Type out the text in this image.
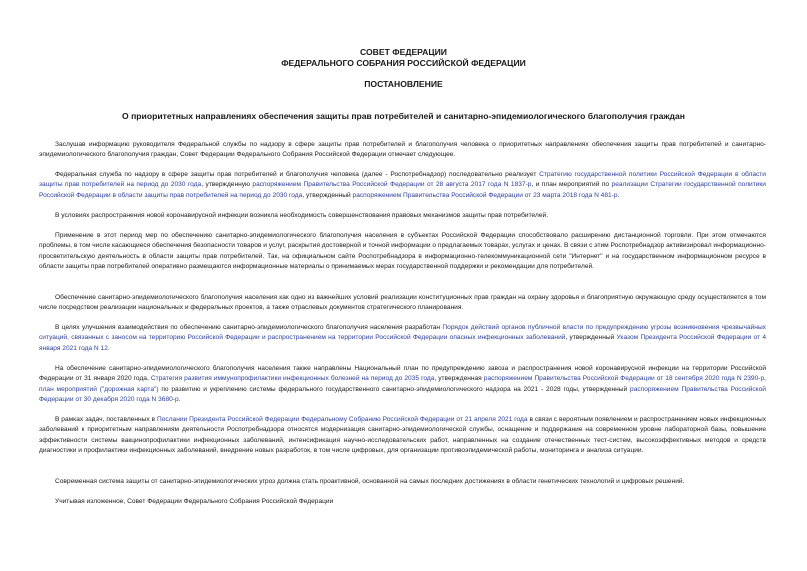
СОВЕТ ФЕДЕРАЦИИ
ФЕДЕРАЛЬНОГО СОБРАНИЯ РОССИЙСКОЙ ФЕДЕРАЦИИ
ПОСТАНОВЛЕНИЕ
О приоритетных направлениях обеспечения защиты прав потребителей и санитарно-эпидемиологического благополучия граждан

Заслушав информацию руководителя Федеральной службы по надзору в сфере защиты прав потребителей и благополучия человека о приоритетных направлениях обеспечения защиты прав потребителей и санитарно-эпидемиологического благополучия граждан, Совет Федерации Федерального Собрания Российской Федерации отмечает следующее.

Федеральная служба по надзору в сфере защиты прав потребителей и благополучия человека (далее - Роспотребнадзор) последовательно реализует Стратегию государственной политики Российской Федерации в области защиты прав потребителей на период до 2030 года, утвержденную распоряжением Правительства Российской Федерации от 28 августа 2017 года N 1837-р, и план мероприятий по реализации Стратегии государственной политики Российской Федерации в области защиты прав потребителей на период до 2030 года, утвержденный распоряжением Правительства Российской Федерации от 23 марта 2018 года N 481-р.

В условиях распространения новой коронавирусной инфекции возникла необходимость совершенствования правовых механизмов защиты прав потребителей.

Применение в этот период мер по обеспечению санитарно-эпидемиологического благополучия населения в субъектах Российской Федерации способствовало расширению дистанционной торговли. При этом отмечаются проблемы, в том числе касающиеся обеспечения безопасности товаров и услуг, раскрытия достоверной и точной информации о предлагаемых товарах, услугах и ценах. В связи с этим Роспотребнадзор активизировал информационно-просветительскую деятельность в области защиты прав потребителей. Так, на официальном сайте Роспотребнадзора в информационно-телекоммуникационной сети "Интернет" и на государственном информационном ресурсе в области защиты прав потребителей оперативно размещаются информационные материалы о принимаемых мерах государственной поддержки и рекомендации для потребителей.

Обеспечение санитарно-эпидемиологического благополучия населения как одно из важнейших условий реализации конституционных прав граждан на охрану здоровья и благоприятную окружающую среду осуществляется в том числе посредством реализации национальных и федеральных проектов, а также отраслевых документов стратегического планирования.

В целях улучшения взаимодействия по обеспечению санитарно-эпидемиологического благополучия населения разработан Порядок действий органов публичной власти по предупреждению угрозы возникновения чрезвычайных ситуаций, связанных с заносом на территорию Российской Федерации и распространением на территории Российской Федерации опасных инфекционных заболеваний, утвержденный Указом Президента Российской Федерации от 4 января 2021 года N 12.

На обеспечение санитарно-эпидемиологического благополучия населения также направлены Национальный план по предупреждению завоза и распространения новой коронавирусной инфекции на территории Российской Федерации от 31 января 2020 года, Стратегия развития иммунопрофилактики инфекционных болезней на период до 2035 года, утвержденная распоряжением Правительства Российской Федерации от 18 сентября 2020 года N 2390-р, план мероприятий ("дорожная карта") по развитию и укреплению системы федерального государственного санитарно-эпидемиологического надзора на 2021 - 2028 годы, утвержденный распоряжением Правительства Российской Федерации от 30 декабря 2020 года N 3680-р.

В рамках задач, поставленных в Послании Президента Российской Федерации Федеральному Собранию Российской Федерации от 21 апреля 2021 года в связи с вероятным появлением и распространением новых инфекционных заболеваний к приоритетным направлениям деятельности Роспотребнадзора относятся модернизация санитарно-эпидемиологической службы, оснащение и поддержание на современном уровне лабораторной базы, повышение эффективности системы вакцинопрофилактики инфекционных заболеваний, интенсификация научно-исследовательских работ, направленных на создание отечественных тест-систем, высокоэффективных методов и средств диагностики и профилактики инфекционных заболеваний, внедрение новых разработок, в том числе цифровых, для организации противоэпидемической работы, мониторинга и анализа ситуации.

Современная система защиты от санитарно-эпидемиологических угроз должна стать проактивной, основанной на самых последних достижениях в области генетических технологий и цифровых решений.

Учитывая изложенное, Совет Федерации Федерального Собрания Российской Федерации
